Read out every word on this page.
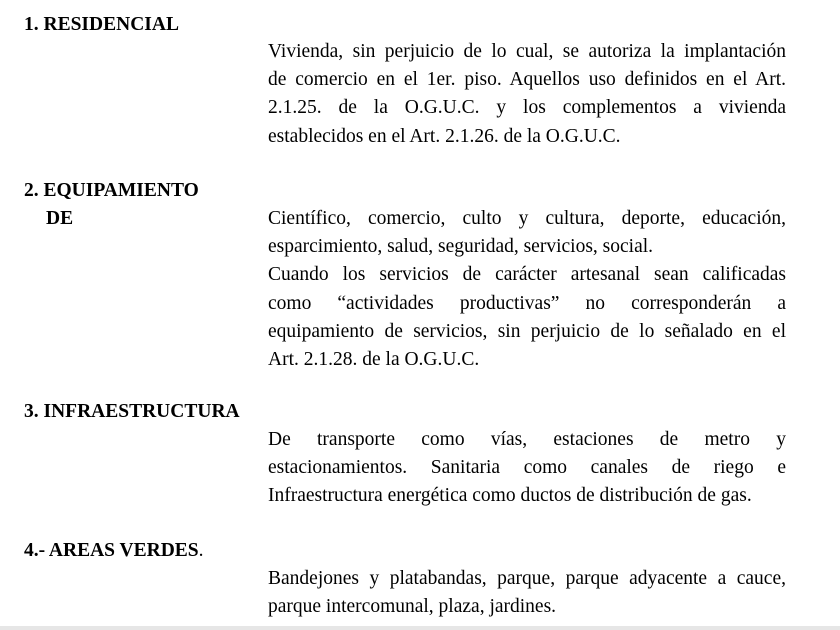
1. RESIDENCIAL
Vivienda, sin perjuicio de lo cual, se autoriza la implantación
de comercio en el 1er. piso. Aquellos uso definidos en el Art.
2.1.25. de la O.G.U.C. y los complementos a vivienda
establecidos en el Art. 2.1.26. de la O.G.U.C.
2. EQUIPAMIENTO
DE	Científico, comercio, culto y cultura, deporte, educación,
esparcimiento, salud, seguridad, servicios, social.
Cuando los servicios de carácter artesanal sean calificadas
como “actividades productivas” no corresponderán a
equipamiento de servicios, sin perjuicio de lo señalado en el
Art. 2.1.28. de la O.G.U.C.
3. INFRAESTRUCTURA
De transporte como vías, estaciones de metro y
estacionamientos. Sanitaria como canales de riego e
Infraestructura energética como ductos de distribución de gas.
4.- AREAS VERDES.
Bandejones y platabandas, parque, parque adyacente a cauce,
parque intercomunal, plaza, jardines.
